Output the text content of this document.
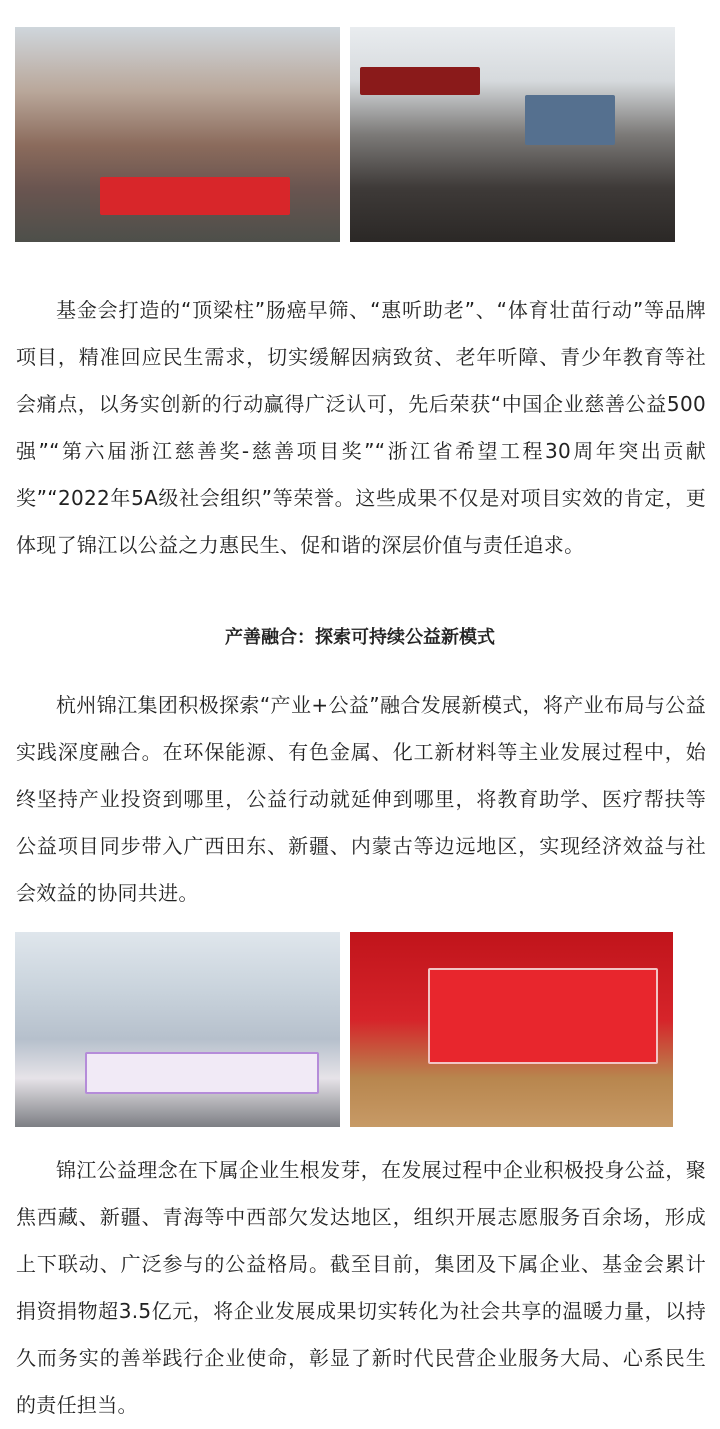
基金会打造的“顶梁柱”肠癌早筛、“惠听助老”、“体育壮苗行动”等品牌项目，精准回应民生需求，切实缓解因病致贫、老年听障、青少年教育等社会痛点，以务实创新的行动赢得广泛认可，先后荣获“中国企业慈善公益500强”“第六届浙江慈善奖-慈善项目奖”“浙江省希望工程30周年突出贡献奖”“2022年5A级社会组织”等荣誉。这些成果不仅是对项目实效的肯定，更体现了锦江以公益之力惠民生、促和谐的深层价值与责任追求。

产善融合：探索可持续公益新模式

杭州锦江集团积极探索“产业+公益”融合发展新模式，将产业布局与公益实践深度融合。在环保能源、有色金属、化工新材料等主业发展过程中，始终坚持产业投资到哪里，公益行动就延伸到哪里，将教育助学、医疗帮扶等公益项目同步带入广西田东、新疆、内蒙古等边远地区，实现经济效益与社会效益的协同共进。

锦江公益理念在下属企业生根发芽，在发展过程中企业积极投身公益，聚焦西藏、新疆、青海等中西部欠发达地区，组织开展志愿服务百余场，形成上下联动、广泛参与的公益格局。截至目前，集团及下属企业、基金会累计捐资捐物超3.5亿元，将企业发展成果切实转化为社会共享的温暖力量，以持久而务实的善举践行企业使命，彰显了新时代民营企业服务大局、心系民生的责任担当。
